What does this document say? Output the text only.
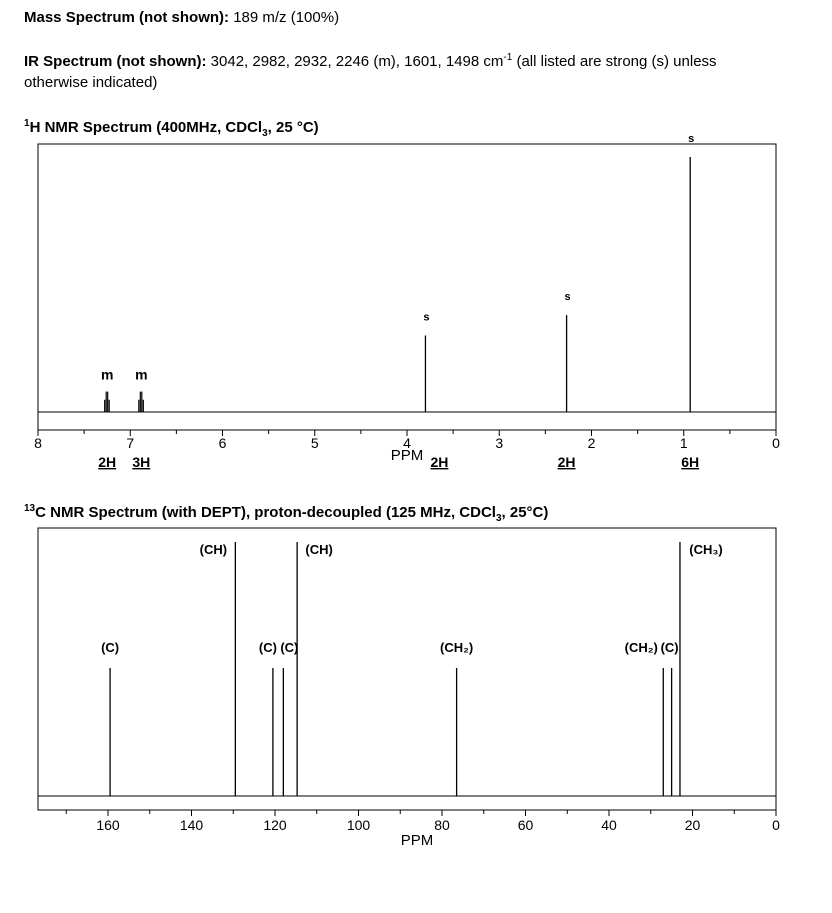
Mass Spectrum (not shown): 189 m/z (100%)
IR Spectrum (not shown): 3042, 2982, 2932, 2246 (m), 1601, 1498 $cm^{-1}$ (all listed are strong (s) unless
otherwise indicated)
$^1$H NMR Spectrum (400MHz, CDCl$_3$, 25 °C)
$^{13}$C NMR Spectrum (with DEPT), proton-decoupled (125 MHz, CDCl$_3$, 25°C)
8	7	6	5	4	3	2	1	0
PPM
m
2H
m
3H
s
2H
s
2H
s
6H
160	140	120	100	80	60	40	20	0
PPM
(C)
(CH)
(C) (C)
(CH)
(CH₂)	(CH₂) (C)
(CH₃)
